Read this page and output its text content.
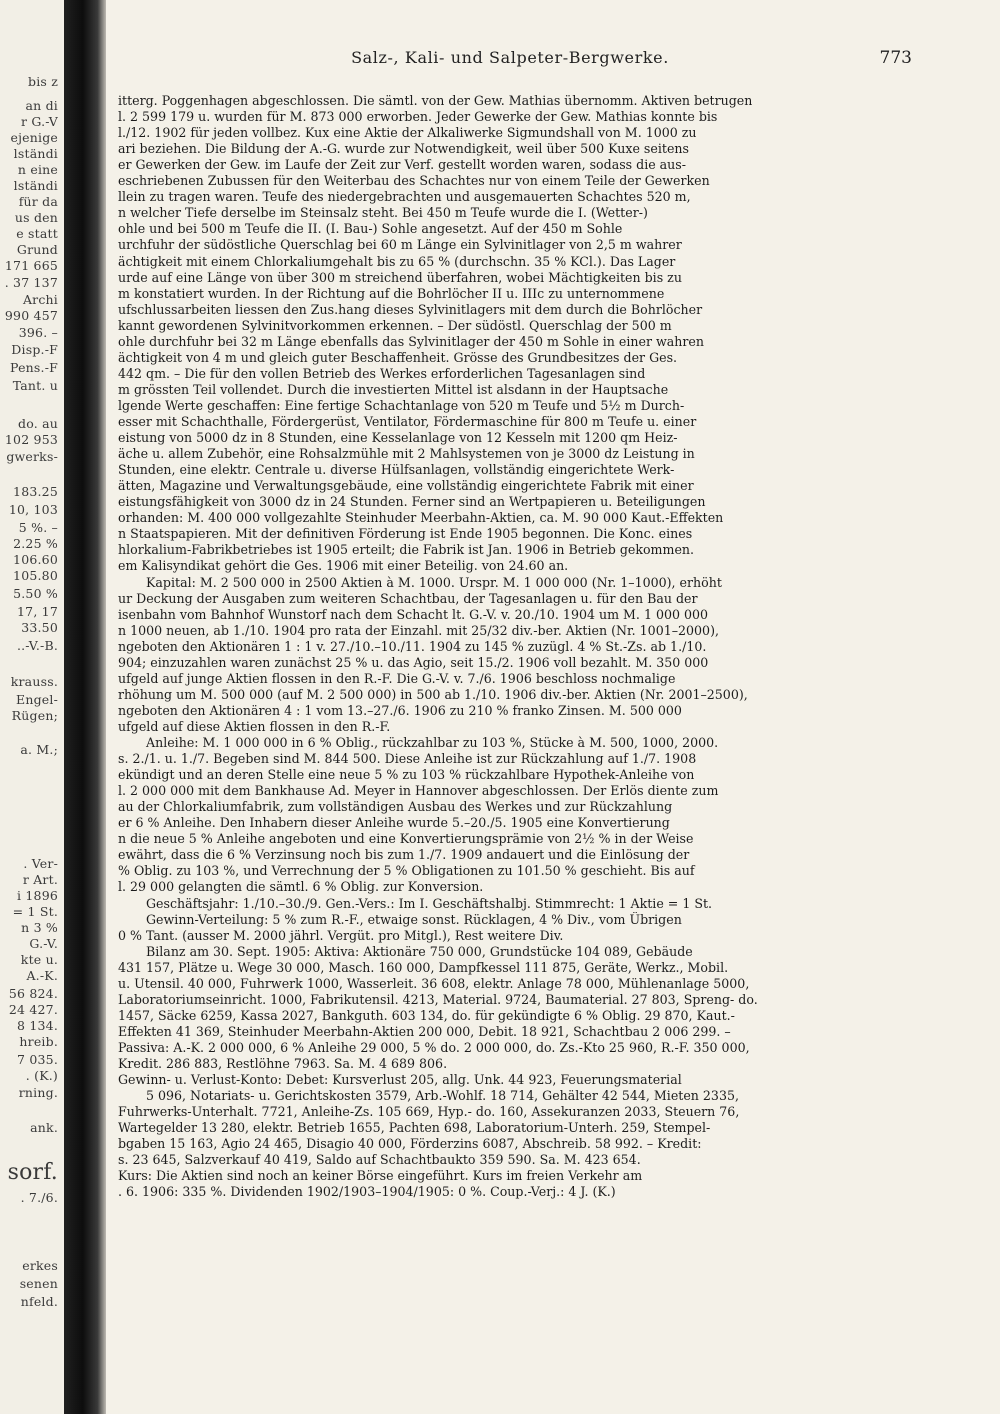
bis z
an di
r G.-V
ejenige
lständi
n eine
lständi
für da
us den
e statt
Grund
171 665
. 37 137
Archi
990 457
396. –
Disp.-F
Pens.-F
Tant. u
do. au
102 953
gwerks-
183.25
10, 103
5 %. –
2.25 %
106.60
105.80
5.50 %
17, 17
33.50
..-V.-B.
krauss.
Engel-
Rügen;
a. M.;
. Ver-
r Art.
i 1896
= 1 St.
n 3 %
G.-V.
kte u.
A.-K.
56 824.
24 427.
8 134.
hreib.
7 035.
. (K.)
rning.
ank.
sorf.
. 7./6.
erkes
senen
nfeld.
Salz-, Kali- und Salpeter-Bergwerke.	773
itterg. Poggenhagen abgeschlossen. Die sämtl. von der Gew. Mathias übernomm. Aktiven betrugen
l. 2 599 179 u. wurden für M. 873 000 erworben. Jeder Gewerke der Gew. Mathias konnte bis
l./12. 1902 für jeden vollbez. Kux eine Aktie der Alkaliwerke Sigmundshall von M. 1000 zu
ari beziehen. Die Bildung der A.-G. wurde zur Notwendigkeit, weil über 500 Kuxe seitens
er Gewerken der Gew. im Laufe der Zeit zur Verf. gestellt worden waren, sodass die aus-
eschriebenen Zubussen für den Weiterbau des Schachtes nur von einem Teile der Gewerken
llein zu tragen waren. Teufe des niedergebrachten und ausgemauerten Schachtes 520 m,
n welcher Tiefe derselbe im Steinsalz steht. Bei 450 m Teufe wurde die I. (Wetter-)
ohle und bei 500 m Teufe die II. (I. Bau-) Sohle angesetzt. Auf der 450 m Sohle
urchfuhr der südöstliche Querschlag bei 60 m Länge ein Sylvinitlager von 2,5 m wahrer
ächtigkeit mit einem Chlorkaliumgehalt bis zu 65 % (durchschn. 35 % KCl.). Das Lager
urde auf eine Länge von über 300 m streichend überfahren, wobei Mächtigkeiten bis zu
m konstatiert wurden. In der Richtung auf die Bohrlöcher II u. IIIc zu unternommene
ufschlussarbeiten liessen den Zus.hang dieses Sylvinitlagers mit dem durch die Bohrlöcher
kannt gewordenen Sylvinitvorkommen erkennen. – Der südöstl. Querschlag der 500 m
ohle durchfuhr bei 32 m Länge ebenfalls das Sylvinitlager der 450 m Sohle in einer wahren
ächtigkeit von 4 m und gleich guter Beschaffenheit. Grösse des Grundbesitzes der Ges.
442 qm. – Die für den vollen Betrieb des Werkes erforderlichen Tagesanlagen sind
m grössten Teil vollendet. Durch die investierten Mittel ist alsdann in der Hauptsache
lgende Werte geschaffen: Eine fertige Schachtanlage von 520 m Teufe und 5½ m Durch-
esser mit Schachthalle, Fördergerüst, Ventilator, Fördermaschine für 800 m Teufe u. einer
eistung von 5000 dz in 8 Stunden, eine Kesselanlage von 12 Kesseln mit 1200 qm Heiz-
äche u. allem Zubehör, eine Rohsalzmühle mit 2 Mahlsystemen von je 3000 dz Leistung in
Stunden, eine elektr. Centrale u. diverse Hülfsanlagen, vollständig eingerichtete Werk-
ätten, Magazine und Verwaltungsgebäude, eine vollständig eingerichtete Fabrik mit einer
eistungsfähigkeit von 3000 dz in 24 Stunden. Ferner sind an Wertpapieren u. Beteiligungen
orhanden: M. 400 000 vollgezahlte Steinhuder Meerbahn-Aktien, ca. M. 90 000 Kaut.-Effekten
n Staatspapieren. Mit der definitiven Förderung ist Ende 1905 begonnen. Die Konc. eines
hlorkalium-Fabrikbetriebes ist 1905 erteilt; die Fabrik ist Jan. 1906 in Betrieb gekommen.
em Kalisyndikat gehört die Ges. 1906 mit einer Beteilig. von 24.60 an.
Kapital: M. 2 500 000 in 2500 Aktien à M. 1000. Urspr. M. 1 000 000 (Nr. 1–1000), erhöht
ur Deckung der Ausgaben zum weiteren Schachtbau, der Tagesanlagen u. für den Bau der
isenbahn vom Bahnhof Wunstorf nach dem Schacht lt. G.-V. v. 20./10. 1904 um M. 1 000 000
n 1000 neuen, ab 1./10. 1904 pro rata der Einzahl. mit 25/32 div.-ber. Aktien (Nr. 1001–2000),
ngeboten den Aktionären 1 : 1 v. 27./10.–10./11. 1904 zu 145 % zuzügl. 4 % St.-Zs. ab 1./10.
904; einzuzahlen waren zunächst 25 % u. das Agio, seit 15./2. 1906 voll bezahlt. M. 350 000
ufgeld auf junge Aktien flossen in den R.-F. Die G.-V. v. 7./6. 1906 beschloss nochmalige
rhöhung um M. 500 000 (auf M. 2 500 000) in 500 ab 1./10. 1906 div.-ber. Aktien (Nr. 2001–2500),
ngeboten den Aktionären 4 : 1 vom 13.–27./6. 1906 zu 210 % franko Zinsen. M. 500 000
ufgeld auf diese Aktien flossen in den R.-F.
Anleihe: M. 1 000 000 in 6 % Oblig., rückzahlbar zu 103 %, Stücke à M. 500, 1000, 2000.
s. 2./1. u. 1./7. Begeben sind M. 844 500. Diese Anleihe ist zur Rückzahlung auf 1./7. 1908
ekündigt und an deren Stelle eine neue 5 % zu 103 % rückzahlbare Hypothek-Anleihe von
l. 2 000 000 mit dem Bankhause Ad. Meyer in Hannover abgeschlossen. Der Erlös diente zum
au der Chlorkaliumfabrik, zum vollständigen Ausbau des Werkes und zur Rückzahlung
er 6 % Anleihe. Den Inhabern dieser Anleihe wurde 5.–20./5. 1905 eine Konvertierung
n die neue 5 % Anleihe angeboten und eine Konvertierungsprämie von 2½ % in der Weise
ewährt, dass die 6 % Verzinsung noch bis zum 1./7. 1909 andauert und die Einlösung der
% Oblig. zu 103 %, und Verrechnung der 5 % Obligationen zu 101.50 % geschieht. Bis auf
l. 29 000 gelangten die sämtl. 6 % Oblig. zur Konversion.
Geschäftsjahr: 1./10.–30./9. Gen.-Vers.: Im I. Geschäftshalbj. Stimmrecht: 1 Aktie = 1 St.
Gewinn-Verteilung: 5 % zum R.-F., etwaige sonst. Rücklagen, 4 % Div., vom Übrigen
0 % Tant. (ausser M. 2000 jährl. Vergüt. pro Mitgl.), Rest weitere Div.
Bilanz am 30. Sept. 1905: Aktiva: Aktionäre 750 000, Grundstücke 104 089, Gebäude
431 157, Plätze u. Wege 30 000, Masch. 160 000, Dampfkessel 111 875, Geräte, Werkz., Mobil.
u. Utensil. 40 000, Fuhrwerk 1000, Wasserleit. 36 608, elektr. Anlage 78 000, Mühlenanlage 5000,
Laboratoriumseinricht. 1000, Fabrikutensil. 4213, Material. 9724, Baumaterial. 27 803, Spreng- do.
1457, Säcke 6259, Kassa 2027, Bankguth. 603 134, do. für gekündigte 6 % Oblig. 29 870, Kaut.-
Effekten 41 369, Steinhuder Meerbahn-Aktien 200 000, Debit. 18 921, Schachtbau 2 006 299. –
Passiva: A.-K. 2 000 000, 6 % Anleihe 29 000, 5 % do. 2 000 000, do. Zs.-Kto 25 960, R.-F. 350 000,
Kredit. 286 883, Restlöhne 7963. Sa. M. 4 689 806.
Gewinn- u. Verlust-Konto: Debet: Kursverlust 205, allg. Unk. 44 923, Feuerungsmaterial
5 096, Notariats- u. Gerichtskosten 3579, Arb.-Wohlf. 18 714, Gehälter 42 544, Mieten 2335,
Fuhrwerks-Unterhalt. 7721, Anleihe-Zs. 105 669, Hyp.- do. 160, Assekuranzen 2033, Steuern 76,
Wartegelder 13 280, elektr. Betrieb 1655, Pachten 698, Laboratorium-Unterh. 259, Stempel-
bgaben 15 163, Agio 24 465, Disagio 40 000, Förderzins 6087, Abschreib. 58 992. – Kredit:
s. 23 645, Salzverkauf 40 419, Saldo auf Schachtbaukto 359 590. Sa. M. 423 654.
Kurs: Die Aktien sind noch an keiner Börse eingeführt. Kurs im freien Verkehr am
. 6. 1906: 335 %. Dividenden 1902/1903–1904/1905: 0 %. Coup.-Verj.: 4 J. (K.)
